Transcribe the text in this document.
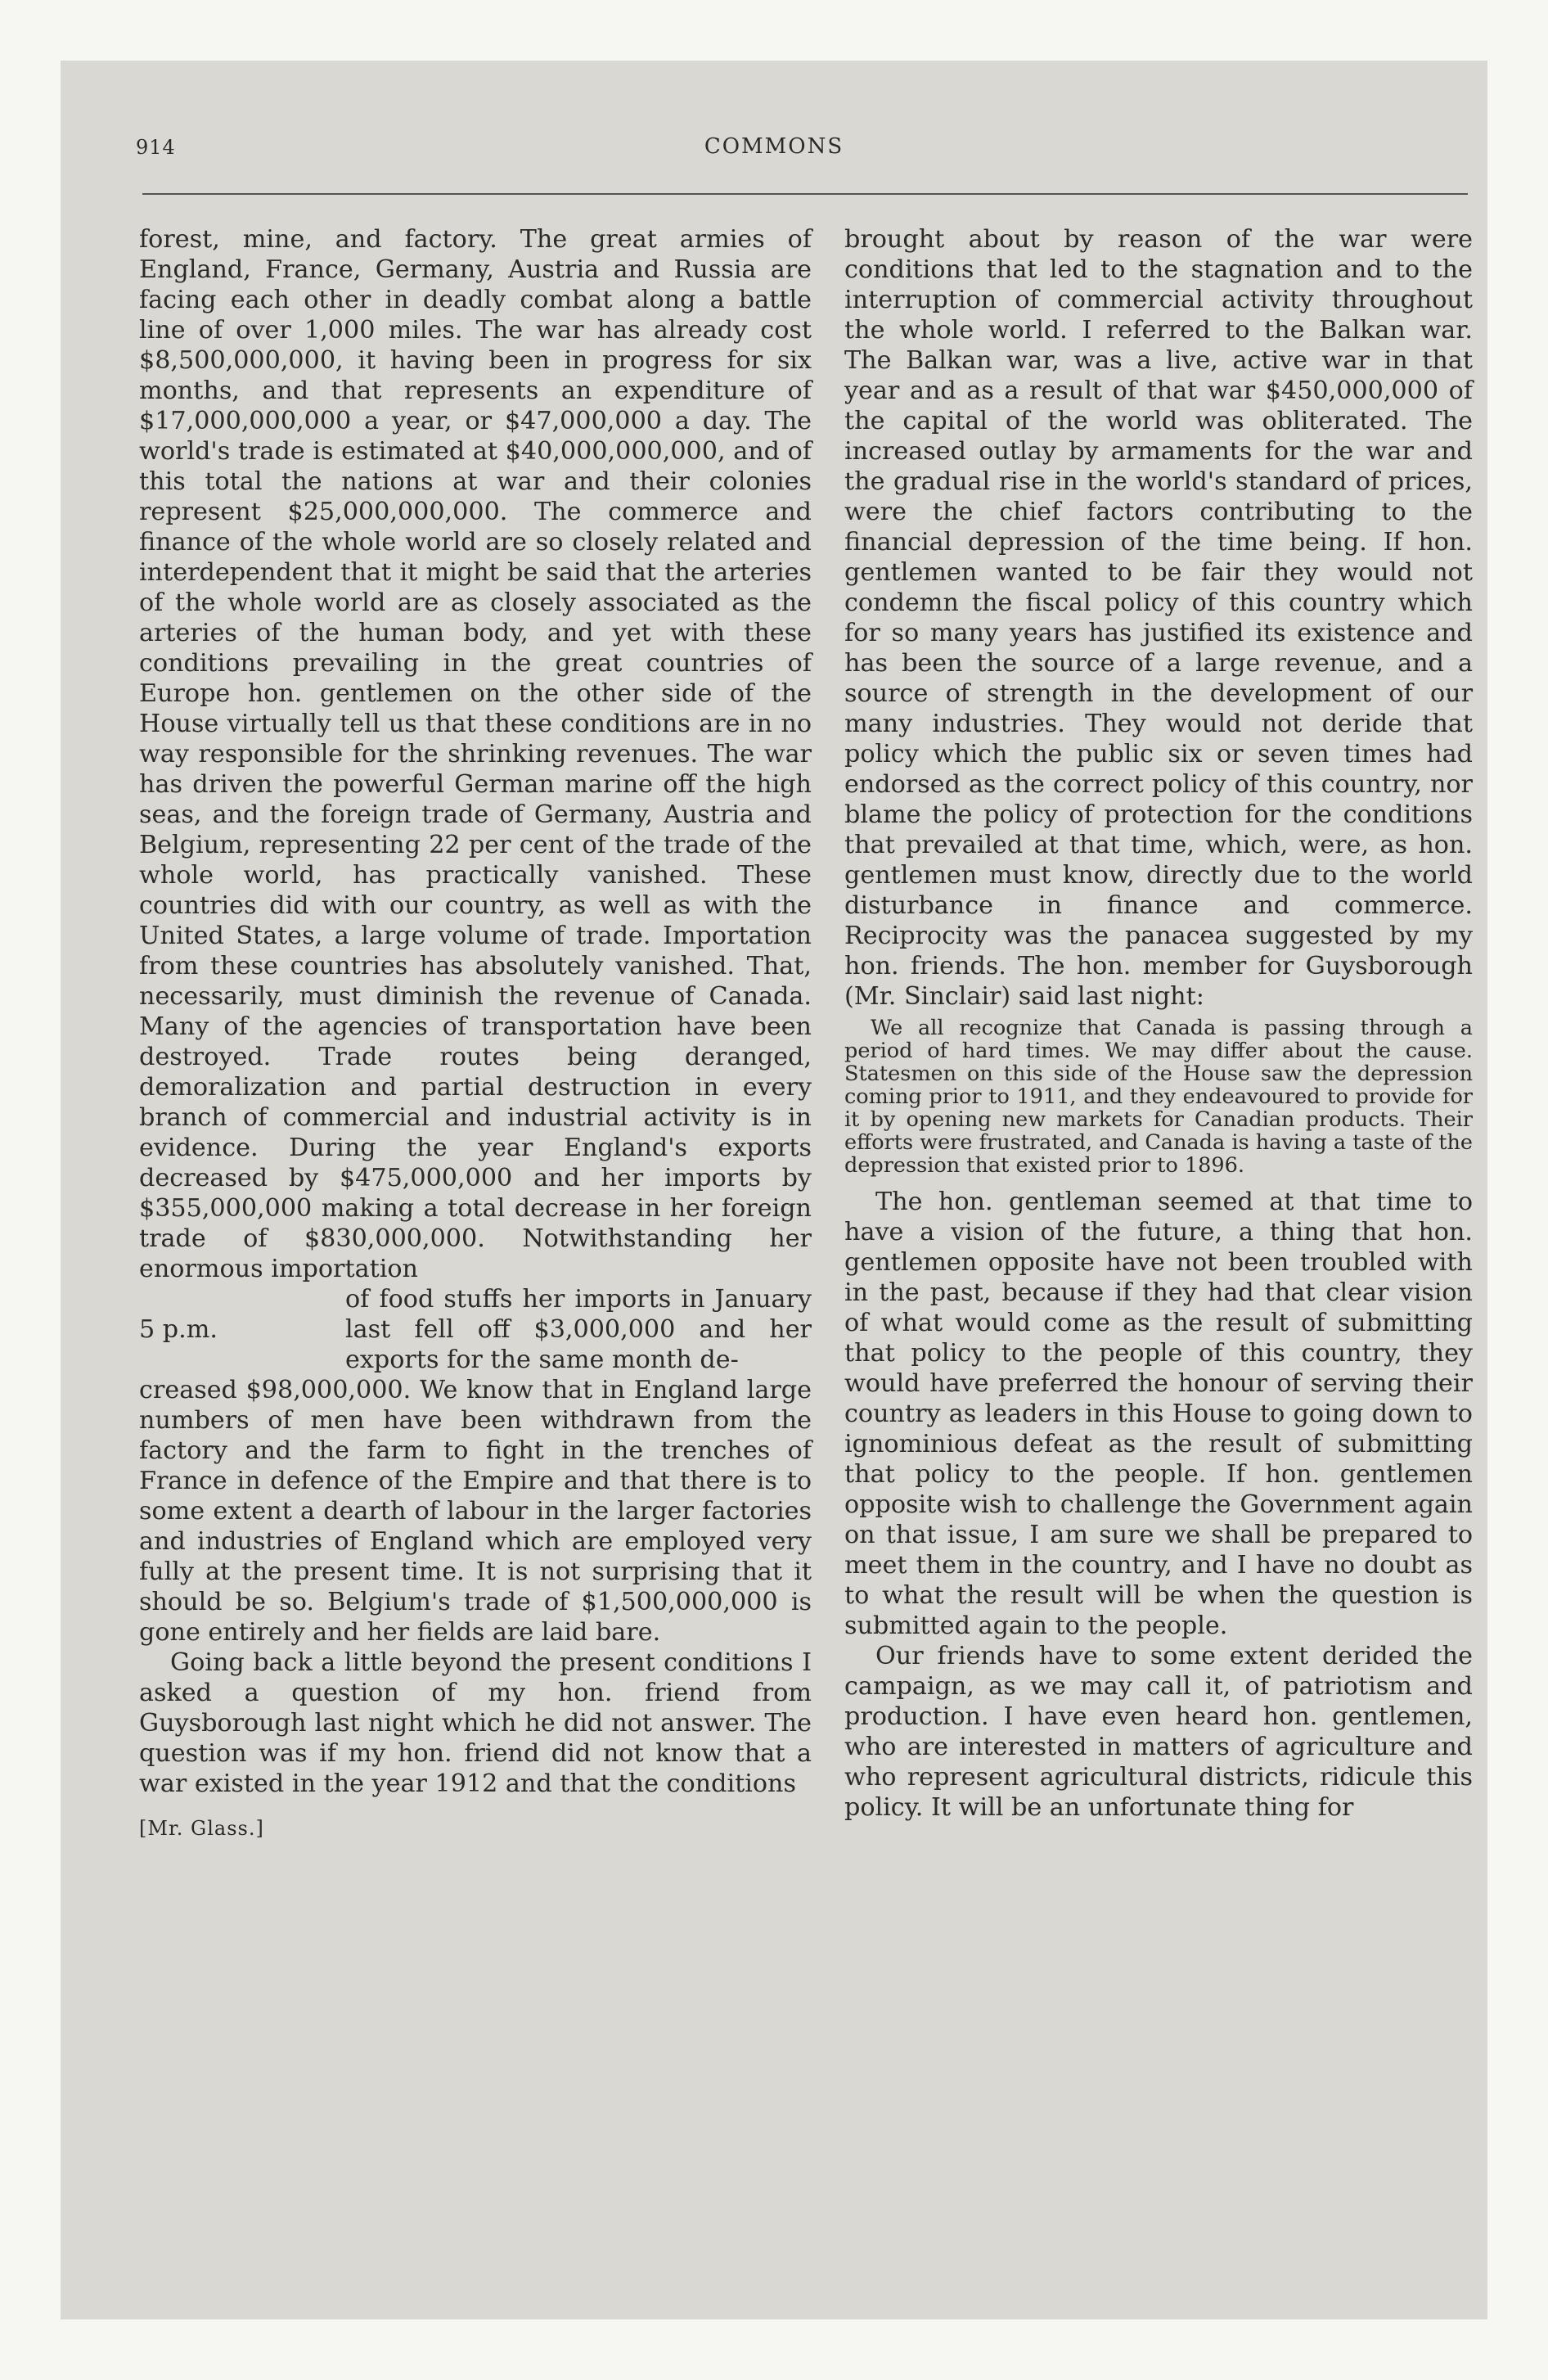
914	COMMONS

forest, mine, and factory. The great armies of England, France, Germany, Austria and Russia are facing each other in deadly combat along a battle line of over 1,000 miles. The war has already cost $8,500,000,000, it having been in progress for six months, and that represents an expenditure of $17,000,000,000 a year, or $47,000,000 a day. The world's trade is estimated at $40,000,000,000, and of this total the nations at war and their colonies represent $25,000,000,000. The commerce and finance of the whole world are so closely related and interdependent that it might be said that the arteries of the whole world are as closely associated as the arteries of the human body, and yet with these conditions prevailing in the great countries of Europe hon. gentlemen on the other side of the House virtually tell us that these conditions are in no way responsible for the shrinking revenues. The war has driven the powerful German marine off the high seas, and the foreign trade of Germany, Austria and Belgium, representing 22 per cent of the trade of the whole world, has practically vanished. These countries did with our country, as well as with the United States, a large volume of trade. Importation from these countries has absolutely vanished. That, necessarily, must diminish the revenue of Canada. Many of the agencies of transportation have been destroyed. Trade routes being deranged, demoralization and partial destruction in every branch of commercial and industrial activity is in evidence. During the year England's exports decreased by $475,000,000 and her imports by $355,000,000 making a total decrease in her foreign trade of $830,000,000. Notwithstanding her enormous importation

5 p.m.

of food stuffs her imports in January last fell off $3,000,000 and her exports for the same month de-

creased $98,000,000. We know that in England large numbers of men have been withdrawn from the factory and the farm to fight in the trenches of France in defence of the Empire and that there is to some extent a dearth of labour in the larger factories and industries of England which are employed very fully at the present time. It is not surprising that it should be so. Belgium's trade of $1,500,000,000 is gone entirely and her fields are laid bare.

Going back a little beyond the present conditions I asked a question of my hon. friend from Guysborough last night which he did not answer. The question was if my hon. friend did not know that a war existed in the year 1912 and that the conditions

[Mr. Glass.]

brought about by reason of the war were conditions that led to the stagnation and to the interruption of commercial activity throughout the whole world. I referred to the Balkan war. The Balkan war, was a live, active war in that year and as a result of that war $450,000,000 of the capital of the world was obliterated. The increased outlay by armaments for the war and the gradual rise in the world's standard of prices, were the chief factors contributing to the financial depression of the time being. If hon. gentlemen wanted to be fair they would not condemn the fiscal policy of this country which for so many years has justified its existence and has been the source of a large revenue, and a source of strength in the development of our many industries. They would not deride that policy which the public six or seven times had endorsed as the correct policy of this country, nor blame the policy of protection for the conditions that prevailed at that time, which, were, as hon. gentlemen must know, directly due to the world disturbance in finance and commerce. Reciprocity was the panacea suggested by my hon. friends. The hon. member for Guysborough (Mr. Sinclair) said last night:

We all recognize that Canada is passing through a period of hard times. We may differ about the cause. Statesmen on this side of the House saw the depression coming prior to 1911, and they endeavoured to provide for it by opening new markets for Canadian products. Their efforts were frustrated, and Canada is having a taste of the depression that existed prior to 1896.

The hon. gentleman seemed at that time to have a vision of the future, a thing that hon. gentlemen opposite have not been troubled with in the past, because if they had that clear vision of what would come as the result of submitting that policy to the people of this country, they would have preferred the honour of serving their country as leaders in this House to going down to ignominious defeat as the result of submitting that policy to the people. If hon. gentlemen opposite wish to challenge the Government again on that issue, I am sure we shall be prepared to meet them in the country, and I have no doubt as to what the result will be when the question is submitted again to the people.

Our friends have to some extent derided the campaign, as we may call it, of patriotism and production. I have even heard hon. gentlemen, who are interested in matters of agriculture and who represent agricultural districts, ridicule this policy. It will be an unfortunate thing for
